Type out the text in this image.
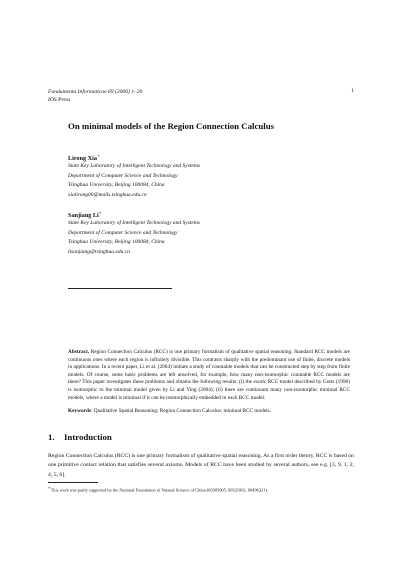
Fundamenta Informaticae 69 (2006) 1–20
IOS Press
1
On minimal models of the Region Connection Calculus
Lirong Xia∗
State Key Laboratory of Intelligent Technology and Systems
Department of Computer Science and Technology
Tsinghua University, Beijing 100084, China
xialirong00@mails.tsinghua.edu.cn
Sanjiang Li∗
State Key Laboratory of Intelligent Technology and Systems
Department of Computer Science and Technology
Tsinghua University, Beijing 100084, China
lisanjiang@tsinghua.edu.cn
Abstract. Region Connection Calculus (RCC) is one primary formalism of qualitative spatial reasoning. Standard RCC models are continuous ones where each region is infinitely divisible. This contrasts sharply with the predominant use of finite, discrete models in applications. In a recent paper, Li et al. (2004) initiate a study of countable models that can be constructed step by step from finite models. Of course, some basic problems are left unsolved, for example, how many non-isomorphic countable RCC models are there? This paper investigates these problems and obtains the following results: (i) the exotic RCC model described by Gotts (1996) is isomorphic to the minimal model given by Li and Ying (2004); (ii) there are continuum many non-isomorphic minimal RCC models, where a model is minimal if it can be isomorphically embedded in each RCC model.
Keywords: Qualitative Spatial Reasoning; Region Connection Calculus; minimal RCC models.
1. Introduction
Region Connection Calculus (RCC) is one primary formalism of qualitative spatial reasoning. As a first order theory, RCC is based on one primitive contact relation that satisfies several axioms. Models of RCC have been studied by several authors, see e.g. [3, 9, 1, 2, 4, 5, 6].
∗This work was partly supported by the National Foundation of Natural Science of China (60305005, 60321002, 60496321).
